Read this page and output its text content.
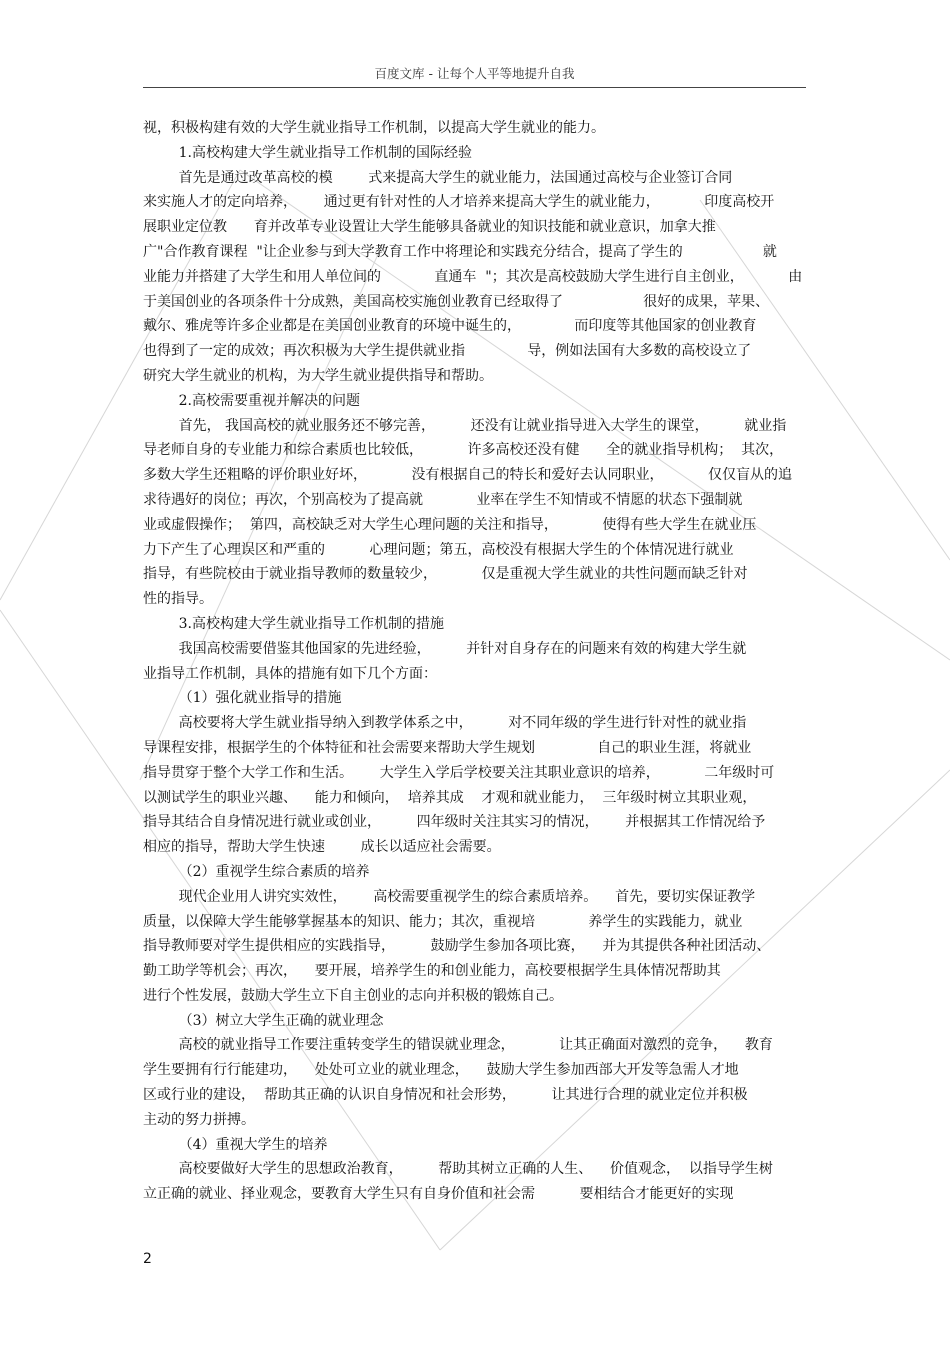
百度文库 - 让每个人平等地提升自我
视，积极构建有效的大学生就业指导工作机制，以提高大学生就业的能力。
1.高校构建大学生就业指导工作机制的国际经验
首先是通过改革高校的模        式来提高大学生的就业能力，法国通过高校与企业签订合同
来实施人才的定向培养，      通过更有针对性的人才培养来提高大学生的就业能力，          印度高校开
展职业定位教      育并改革专业设置让大学生能够具备就业的知识技能和就业意识，加拿大推
广"合作教育课程  "让企业参与到大学教育工作中将理论和实践充分结合，提高了学生的                  就
业能力并搭建了大学生和用人单位间的            直通车  "；其次是高校鼓励大学生进行自主创业，          由
于美国创业的各项条件十分成熟，美国高校实施创业教育已经取得了                  很好的成果，苹果、
戴尔、雅虎等许多企业都是在美国创业教育的环境中诞生的，            而印度等其他国家的创业教育
也得到了一定的成效；再次积极为大学生提供就业指              导，例如法国有大多数的高校设立了
研究大学生就业的机构，为大学生就业提供指导和帮助。
2.高校需要重视并解决的问题
首先， 我国高校的就业服务还不够完善，        还没有让就业指导进入大学生的课堂，        就业指
导老师自身的专业能力和综合素质也比较低，          许多高校还没有健      全的就业指导机构；  其次，
多数大学生还粗略的评价职业好坏，          没有根据自己的特长和爱好去认同职业，          仅仅盲从的追
求待遇好的岗位；再次，个别高校为了提高就            业率在学生不知情或不情愿的状态下强制就
业或虚假操作；  第四，高校缺乏对大学生心理问题的关注和指导，          使得有些大学生在就业压
力下产生了心理误区和严重的          心理问题；第五，高校没有根据大学生的个体情况进行就业
指导，有些院校由于就业指导教师的数量较少，          仅是重视大学生就业的共性问题而缺乏针对
性的指导。
3.高校构建大学生就业指导工作机制的措施
我国高校需要借鉴其他国家的先进经验，        并针对自身存在的问题来有效的构建大学生就
业指导工作机制，具体的措施有如下几个方面：
（1）强化就业指导的措施
高校要将大学生就业指导纳入到教学体系之中，        对不同年级的学生进行针对性的就业指
导课程安排，根据学生的个体特征和社会需要来帮助大学生规划              自己的职业生涯，将就业
指导贯穿于整个大学工作和生活。      大学生入学后学校要关注其职业意识的培养，          二年级时可
以测试学生的职业兴趣、    能力和倾向，  培养其成    才观和就业能力，  三年级时树立其职业观，
指导其结合自身情况进行就业或创业，        四年级时关注其实习的情况，      并根据其工作情况给予
相应的指导，帮助大学生快速        成长以适应社会需要。
（2）重视学生综合素质的培养
现代企业用人讲究实效性，      高校需要重视学生的综合素质培养。    首先，要切实保证教学
质量，以保障大学生能够掌握基本的知识、能力；其次，重视培            养学生的实践能力，就业
指导教师要对学生提供相应的实践指导，        鼓励学生参加各项比赛，    并为其提供各种社团活动、
勤工助学等机会；再次，    要开展，培养学生的和创业能力，高校要根据学生具体情况帮助其
进行个性发展，鼓励大学生立下自主创业的志向并积极的锻炼自己。
（3）树立大学生正确的就业理念
高校的就业指导工作要注重转变学生的错误就业理念，          让其正确面对激烈的竞争，    教育
学生要拥有行行能建功，    处处可立业的就业理念，    鼓励大学生参加西部大开发等急需人才地
区或行业的建设，  帮助其正确的认识自身情况和社会形势，        让其进行合理的就业定位并积极
主动的努力拼搏。
（4）重视大学生的培养
高校要做好大学生的思想政治教育，        帮助其树立正确的人生、    价值观念，  以指导学生树
立正确的就业、择业观念，要教育大学生只有自身价值和社会需          要相结合才能更好的实现
2
